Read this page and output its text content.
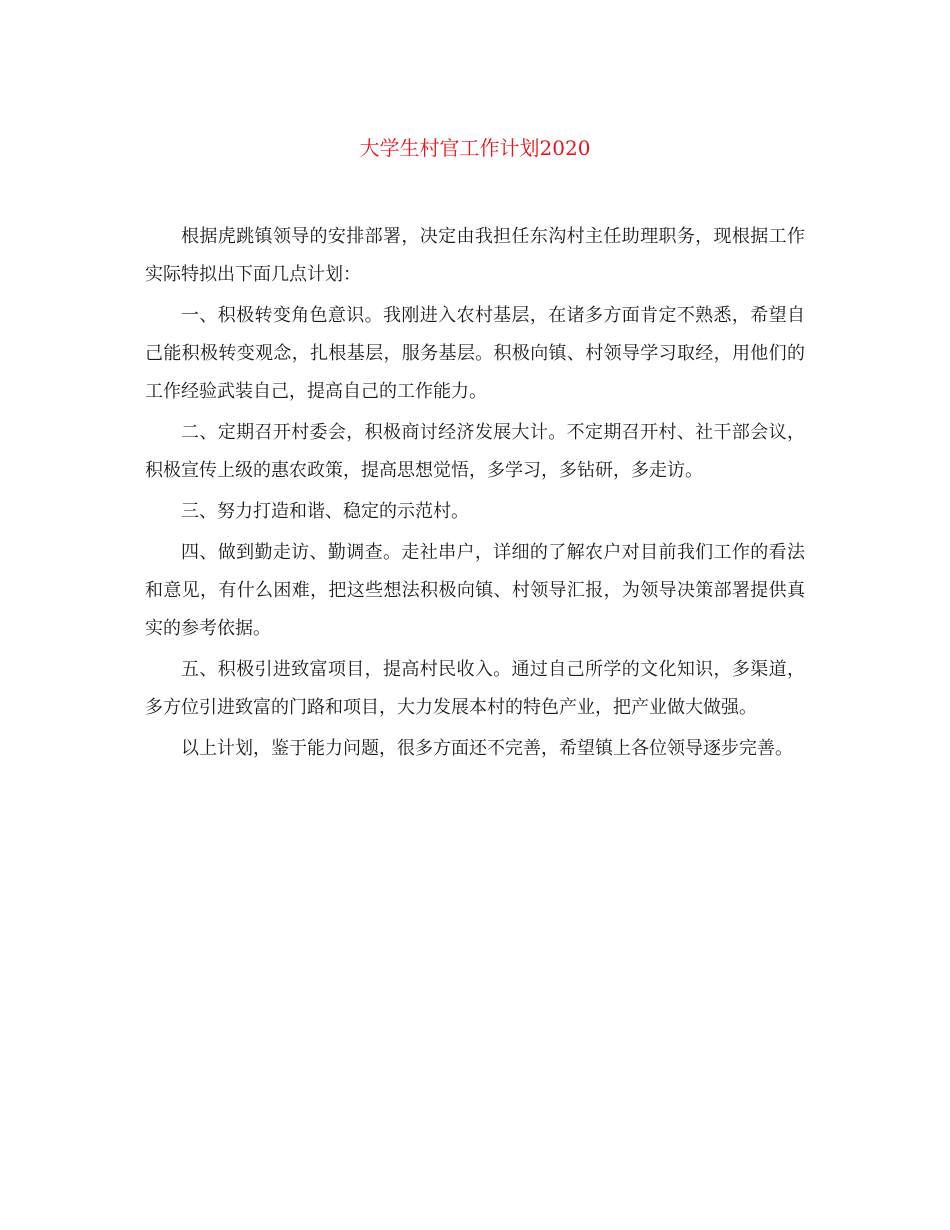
大学生村官工作计划2020

根据虎跳镇领导的安排部署，决定由我担任东沟村主任助理职务，现根据工作实际特拟出下面几点计划：

一、积极转变角色意识。我刚进入农村基层，在诸多方面肯定不熟悉，希望自己能积极转变观念，扎根基层，服务基层。积极向镇、村领导学习取经，用他们的工作经验武装自己，提高自己的工作能力。

二、定期召开村委会，积极商讨经济发展大计。不定期召开村、社干部会议，积极宣传上级的惠农政策，提高思想觉悟，多学习，多钻研，多走访。

三、努力打造和谐、稳定的示范村。

四、做到勤走访、勤调查。走社串户，详细的了解农户对目前我们工作的看法和意见，有什么困难，把这些想法积极向镇、村领导汇报，为领导决策部署提供真实的参考依据。

五、积极引进致富项目，提高村民收入。通过自己所学的文化知识，多渠道，多方位引进致富的门路和项目，大力发展本村的特色产业，把产业做大做强。

以上计划，鉴于能力问题，很多方面还不完善，希望镇上各位领导逐步完善。
